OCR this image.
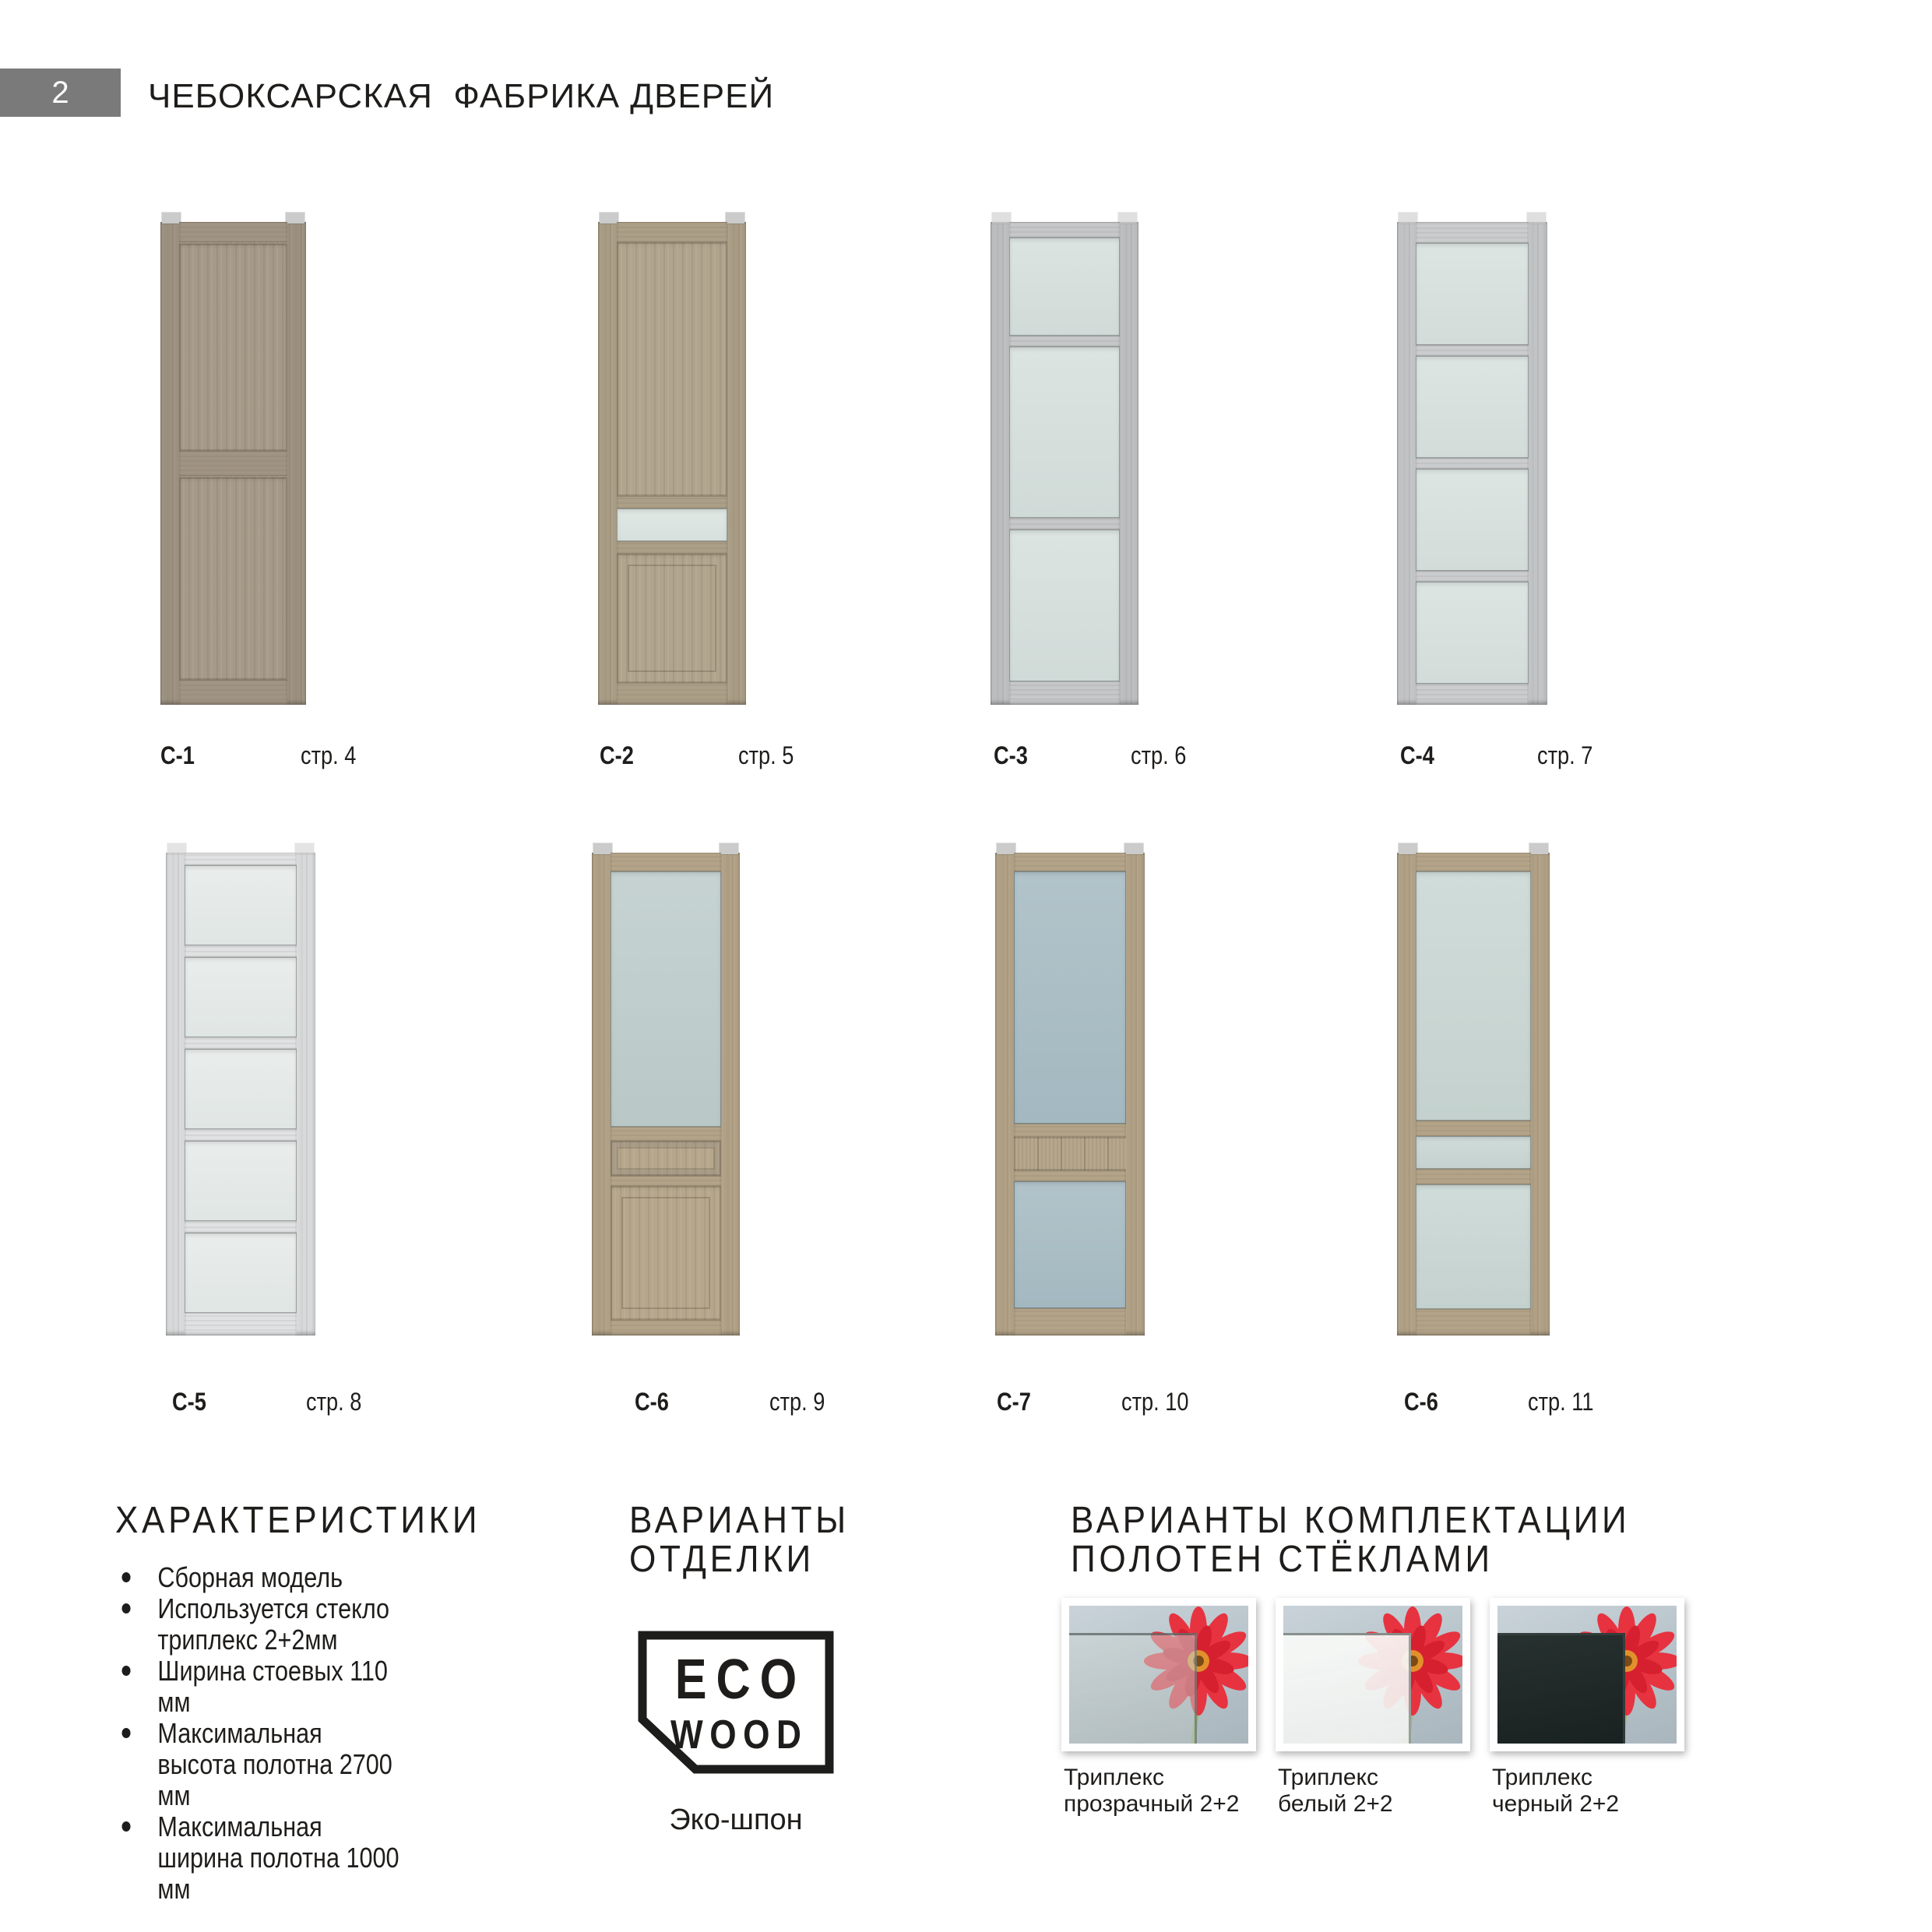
2 ЧЕБОКСАРСКАЯ  ФАБРИКА ДВЕРЕЙ
С-1	стр. 4	С-2	стр. 5	С-3	стр. 6	С-4	стр. 7
С-5	стр. 8	С-6	стр. 9	С-7	стр. 10	С-6	стр. 11
ХАРАКТЕРИСТИКИ
Сборная модель
Используется стекло триплекс 2+2мм
Ширина стоевых 110 мм
Максимальная высота полотна 2700 мм
Максимальная ширина полотна 1000 мм
ВАРИАНТЫ
ОТДЕЛКИ
ECO
WOOD
Эко-шпон
ВАРИАНТЫ КОМПЛЕКТАЦИИ
ПОЛОТЕН СТЁКЛАМИ
Триплекс
прозрачный 2+2
Триплекс
белый 2+2
Триплекс
черный 2+2
